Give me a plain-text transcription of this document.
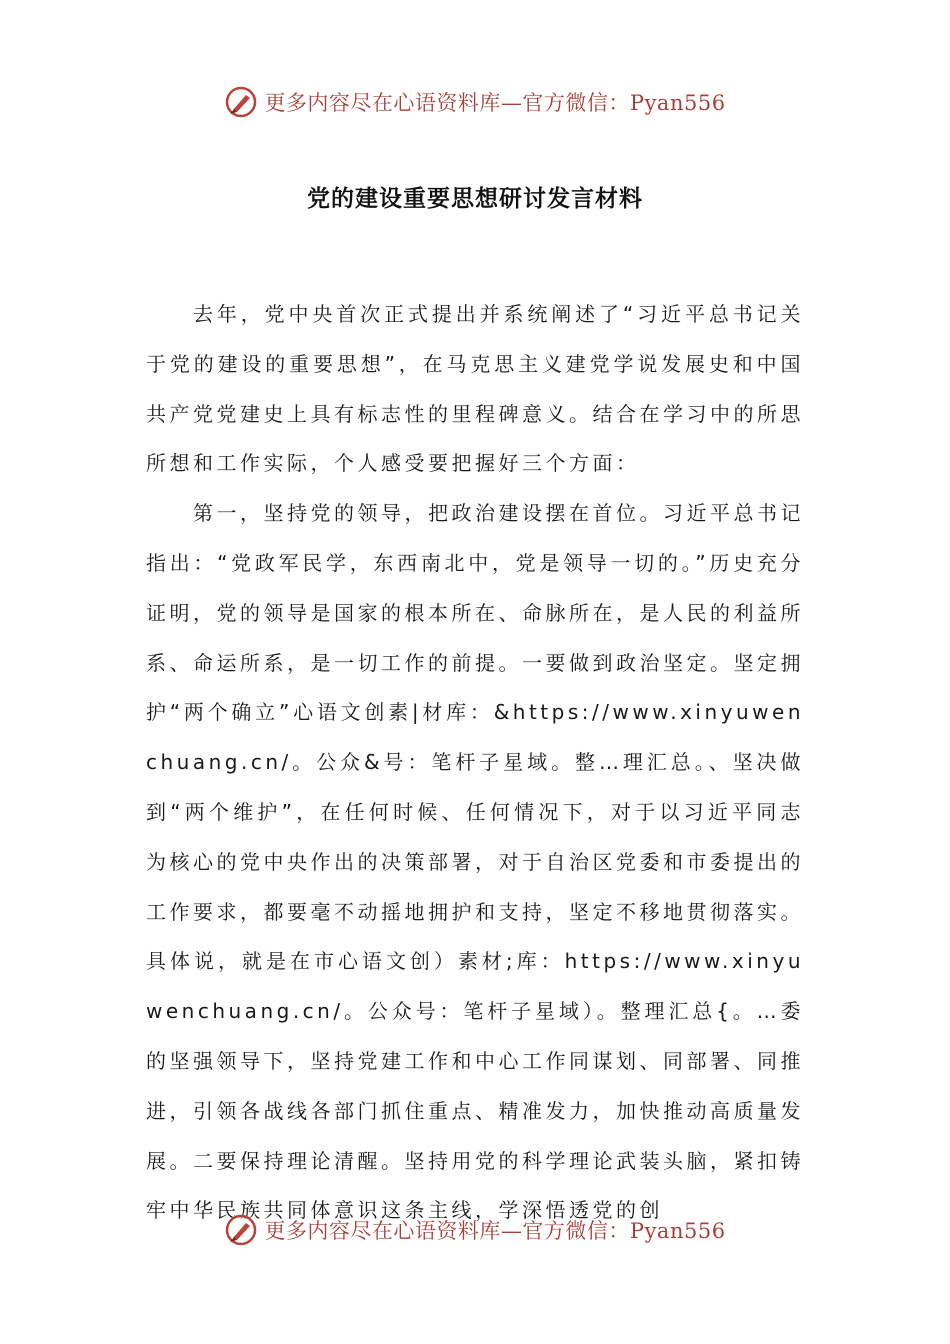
更多内容尽在心语资料库—官方微信：Pyan556
党的建设重要思想研讨发言材料

去年，党中央首次正式提出并系统阐述了“习近平总书记关于党的建设的重要思想”，在马克思主义建党学说发展史和中国共产党党建史上具有标志性的里程碑意义。结合在学习中的所思所想和工作实际，个人感受要把握好三个方面：

第一，坚持党的领导，把政治建设摆在首位。习近平总书记指出：“党政军民学，东西南北中，党是领导一切的。”历史充分证明，党的领导是国家的根本所在、命脉所在，是人民的利益所系、命运所系，是一切工作的前提。一要做到政治坚定。坚定拥护“两个确立”心语文创素|材库：&https://www.xinyuwenchuang.cn/。公众&号：笔杆子星域。整…理汇总。、坚决做到“两个维护”，在任何时候、任何情况下，对于以习近平同志为核心的党中央作出的决策部署，对于自治区党委和市委提出的工作要求，都要毫不动摇地拥护和支持，坚定不移地贯彻落实。具体说，就是在市心语文创）素材;库：https://www.xinyuwenchuang.cn/。公众号：笔杆子星域）。整理汇总{。…委的坚强领导下，坚持党建工作和中心工作同谋划、同部署、同推进，引领各战线各部门抓住重点、精准发力，加快推动高质量发展。二要保持理论清醒。坚持用党的科学理论武装头脑，紧扣铸牢中华民族共同体意识这条主线，学深悟透党的创

更多内容尽在心语资料库—官方微信：Pyan556
